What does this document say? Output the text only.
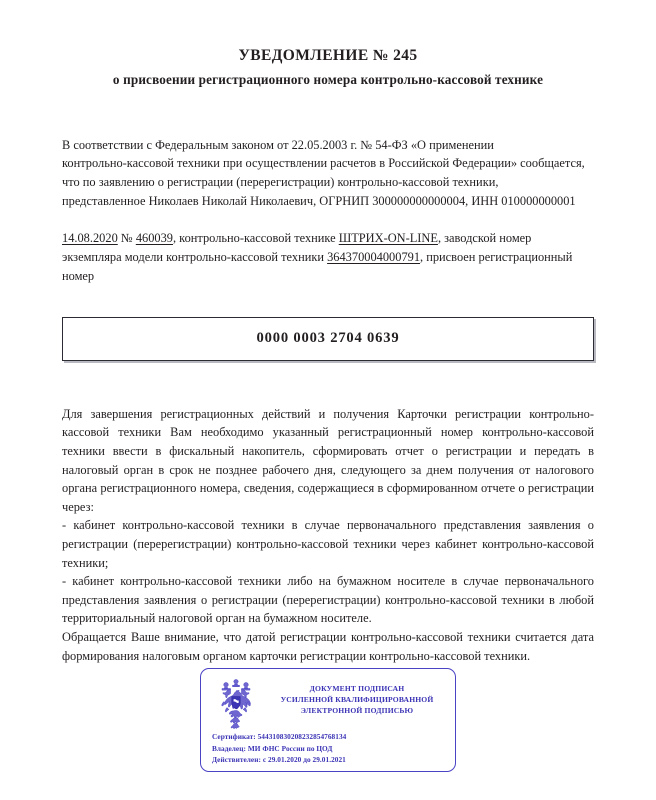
УВЕДОМЛЕНИЕ № 245
о присвоении регистрационного номера контрольно-кассовой технике
В соответствии с Федеральным законом от 22.05.2003 г. № 54-ФЗ «О применении
контрольно-кассовой техники при осуществлении расчетов в Российской Федерации» сообщается,
что по заявлению о регистрации (перерегистрации) контрольно-кассовой техники,
представленное Николаев Николай Николаевич, ОГРНИП 300000000000004, ИНН 010000000001
14.08.2020 № 460039, контрольно-кассовой технике ШТРИХ-ON-LINE, заводской номер экземпляра модели контрольно-кассовой техники 364370004000791, присвоен регистрационный номер
0000 0003 2704 0639

Для завершения регистрационных действий и получения Карточки регистрации контрольно-кассовой техники Вам необходимо указанный регистрационный номер контрольно-кассовой техники ввести в фискальный накопитель, сформировать отчет о регистрации и передать в налоговый орган в срок не позднее рабочего дня, следующего за днем получения от налогового органа регистрационного номера, сведения, содержащиеся в сформированном отчете о регистрации через:

- кабинет контрольно-кассовой техники в случае первоначального представления заявления о регистрации (перерегистрации) контрольно-кассовой техники через кабинет контрольно-кассовой техники;

- кабинет контрольно-кассовой техники либо на бумажном носителе в случае первоначального представления заявления о регистрации (перерегистрации) контрольно-кассовой техники в любой территориальный налоговой орган на бумажном носителе.

Обращается Ваше внимание, что датой регистрации контрольно-кассовой техники считается дата формирования налоговым органом карточки регистрации контрольно-кассовой техники.

ДОКУМЕНТ ПОДПИСАН
УСИЛЕННОЙ КВАЛИФИЦИРОВАННОЙ
ЭЛЕКТРОННОЙ ПОДПИСЬЮ
Сертификат: 544310830208232854768134
Владелец: МИ ФНС России по ЦОД
Действителен: с 29.01.2020 до 29.01.2021
